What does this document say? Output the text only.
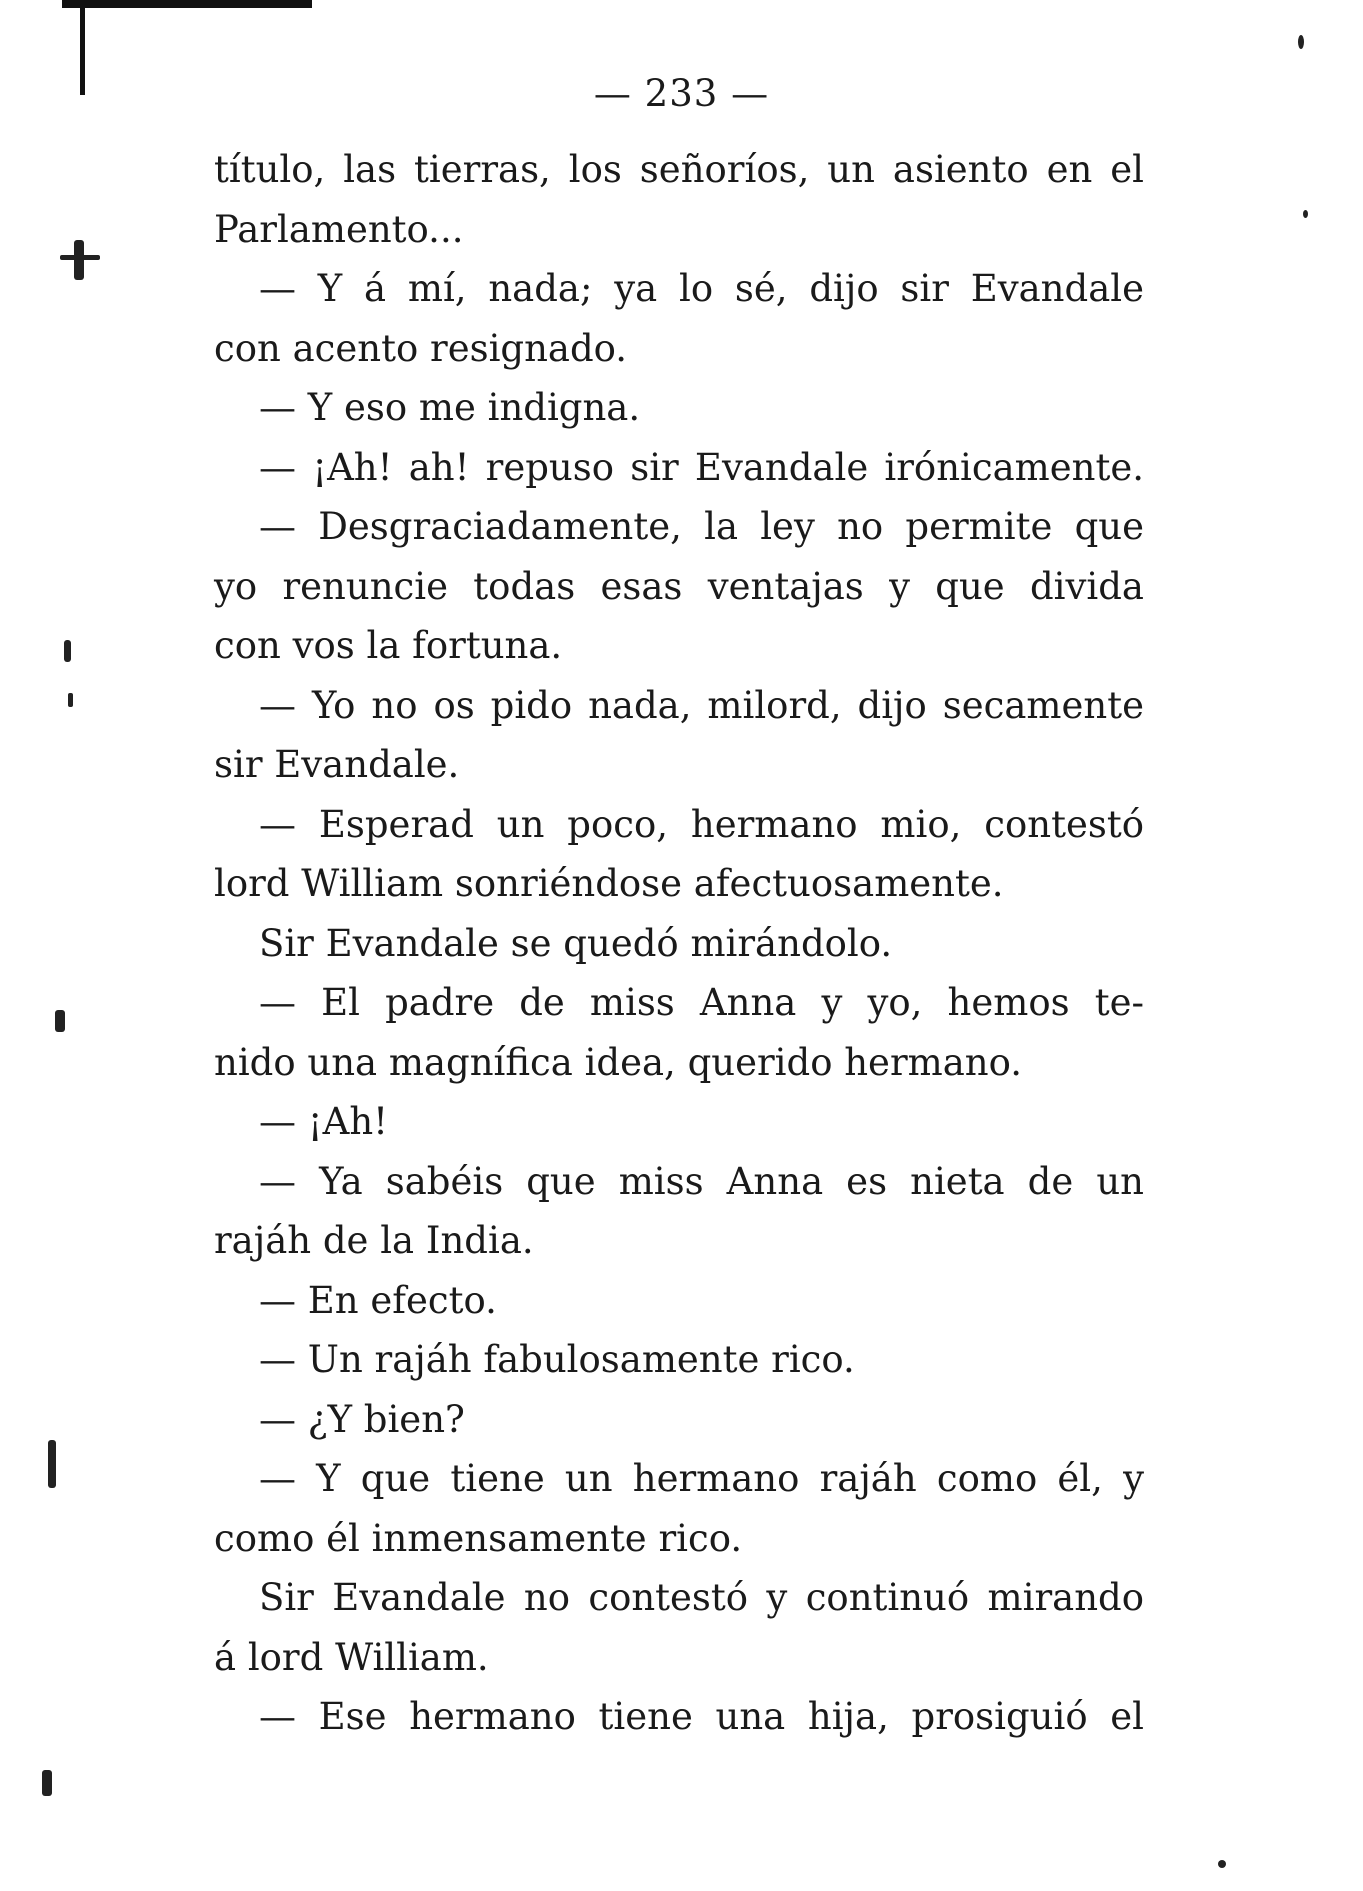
— 233 —
título, las tierras, los señoríos, un asiento en el
Parlamento...
— Y á mí, nada; ya lo sé, dijo sir Evandale
con acento resignado.
— Y eso me indigna.
— ¡Ah! ah! repuso sir Evandale irónicamente.
— Desgraciadamente, la ley no permite que
yo renuncie todas esas ventajas y que divida
con vos la fortuna.
— Yo no os pido nada, milord, dijo secamente
sir Evandale.
— Esperad un poco, hermano mio, contestó
lord William sonriéndose afectuosamente.
Sir Evandale se quedó mirándolo.
— El padre de miss Anna y yo, hemos te-
nido una magnífica idea, querido hermano.
— ¡Ah!
— Ya sabéis que miss Anna es nieta de un
rajáh de la India.
— En efecto.
— Un rajáh fabulosamente rico.
— ¿Y bien?
— Y que tiene un hermano rajáh como él, y
como él inmensamente rico.
Sir Evandale no contestó y continuó mirando
á lord William.
— Ese hermano tiene una hija, prosiguió el
